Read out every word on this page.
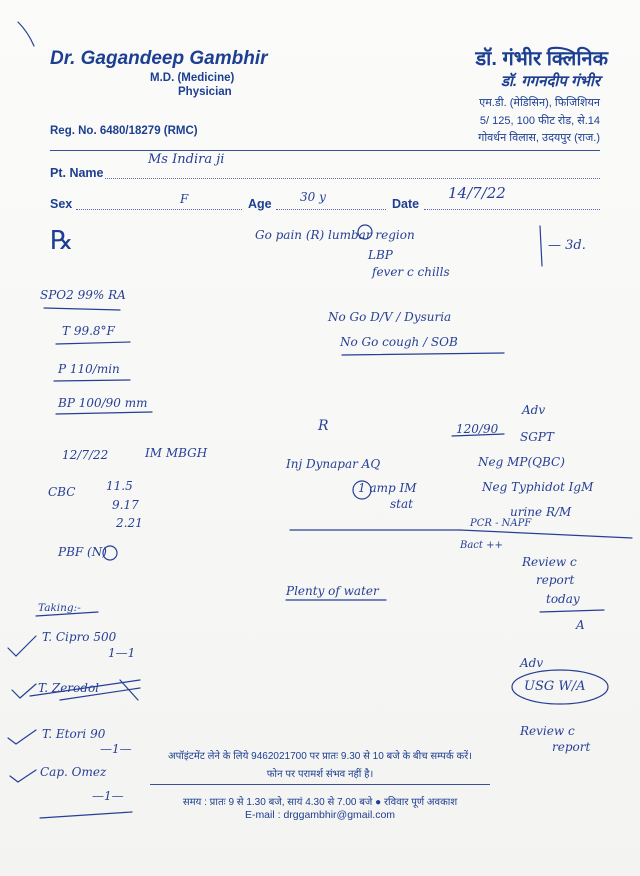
Dr. Gagandeep Gambhir
M.D. (Medicine)
Physician
Reg. No. 6480/18279 (RMC)
डॉ. गंभीर क्लिनिक
डॉ. गगनदीप गंभीर
एम.डी. (मेडिसिन), फिजिशियन
5/ 125, 100 फीट रोड, से.14
गोवर्धन विलास, उदयपुर (राज.)
Pt. Name
Ms Indira ji
Sex	F	Age 30 y	Date
14/7/22
℞	Go pain (R) lumbar region
LBP
fever c chills
— 3d.
SPO2 99% RA
T 99.8°F
P 110/min
BP 100/90 mm
No Go D/V / Dysuria
No Go cough / SOB
12/7/22	IM MBGH
CBC	11.5
9.17
2.21
PBF (N)
R
Inj Dynapar AQ
1 amp IM
stat
Plenty of water
Adv
120/90
SGPT
Neg MP(QBC)
Neg Typhidot IgM
urine R/M
PCR - NAPF
Bact ++
Review c
report
today
A
Taking:-
T. Cipro 500
1—1
T. Zerodol
T. Etori 90
—1—
Cap. Omez
—1—
Adv
USG W/A
Review c
report
अपॉइंटमेंट लेने के लिये 9462021700 पर प्रातः 9.30 से 10 बजे के बीच सम्पर्क करें।
फोन पर परामर्श संभव नहीं है।
समय : प्रातः 9 से 1.30 बजे, सायं 4.30 से 7.00 बजे ● रविवार पूर्ण अवकाश
E-mail : drggambhir@gmail.com
